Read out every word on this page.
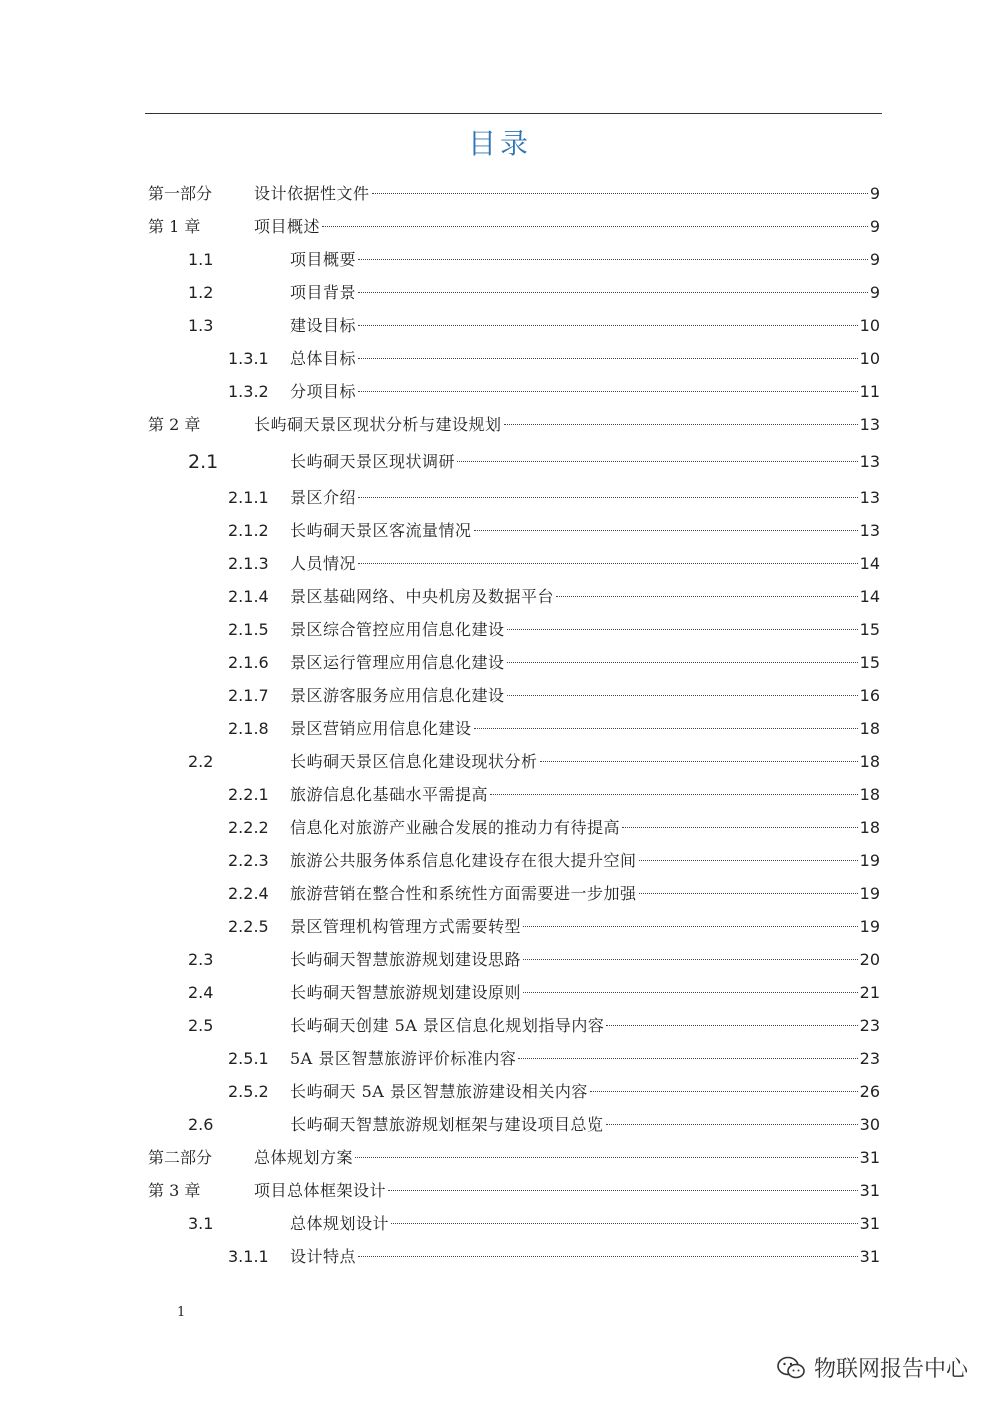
目录
第一部分	设计依据性文件	9
第 1 章	项目概述	9
1.1	项目概要	9
1.2	项目背景	9
1.3	建设目标	10
1.3.1 总体目标	10
1.3.2 分项目标	11
第 2 章	长屿硐天景区现状分析与建设规划	13
2.1	长屿硐天景区现状调研	13
2.1.1 景区介绍	13
2.1.2 长屿硐天景区客流量情况	13
2.1.3 人员情况	14
2.1.4 景区基础网络、中央机房及数据平台	14
2.1.5 景区综合管控应用信息化建设	15
2.1.6 景区运行管理应用信息化建设	15
2.1.7 景区游客服务应用信息化建设	16
2.1.8 景区营销应用信息化建设	18
2.2	长屿硐天景区信息化建设现状分析	18
2.2.1 旅游信息化基础水平需提高	18
2.2.2 信息化对旅游产业融合发展的推动力有待提高	18
2.2.3 旅游公共服务体系信息化建设存在很大提升空间	19
2.2.4 旅游营销在整合性和系统性方面需要进一步加强	19
2.2.5 景区管理机构管理方式需要转型	19
2.3	长屿硐天智慧旅游规划建设思路	20
2.4	长屿硐天智慧旅游规划建设原则	21
2.5	长屿硐天创建 5A 景区信息化规划指导内容	23
2.5.1 5A 景区智慧旅游评价标准内容	23
2.5.2 长屿硐天 5A 景区智慧旅游建设相关内容	26
2.6	长屿硐天智慧旅游规划框架与建设项目总览	30
第二部分	总体规划方案	31
第 3 章	项目总体框架设计	31
3.1	总体规划设计	31
3.1.1 设计特点	31
1
物联网报告中心
